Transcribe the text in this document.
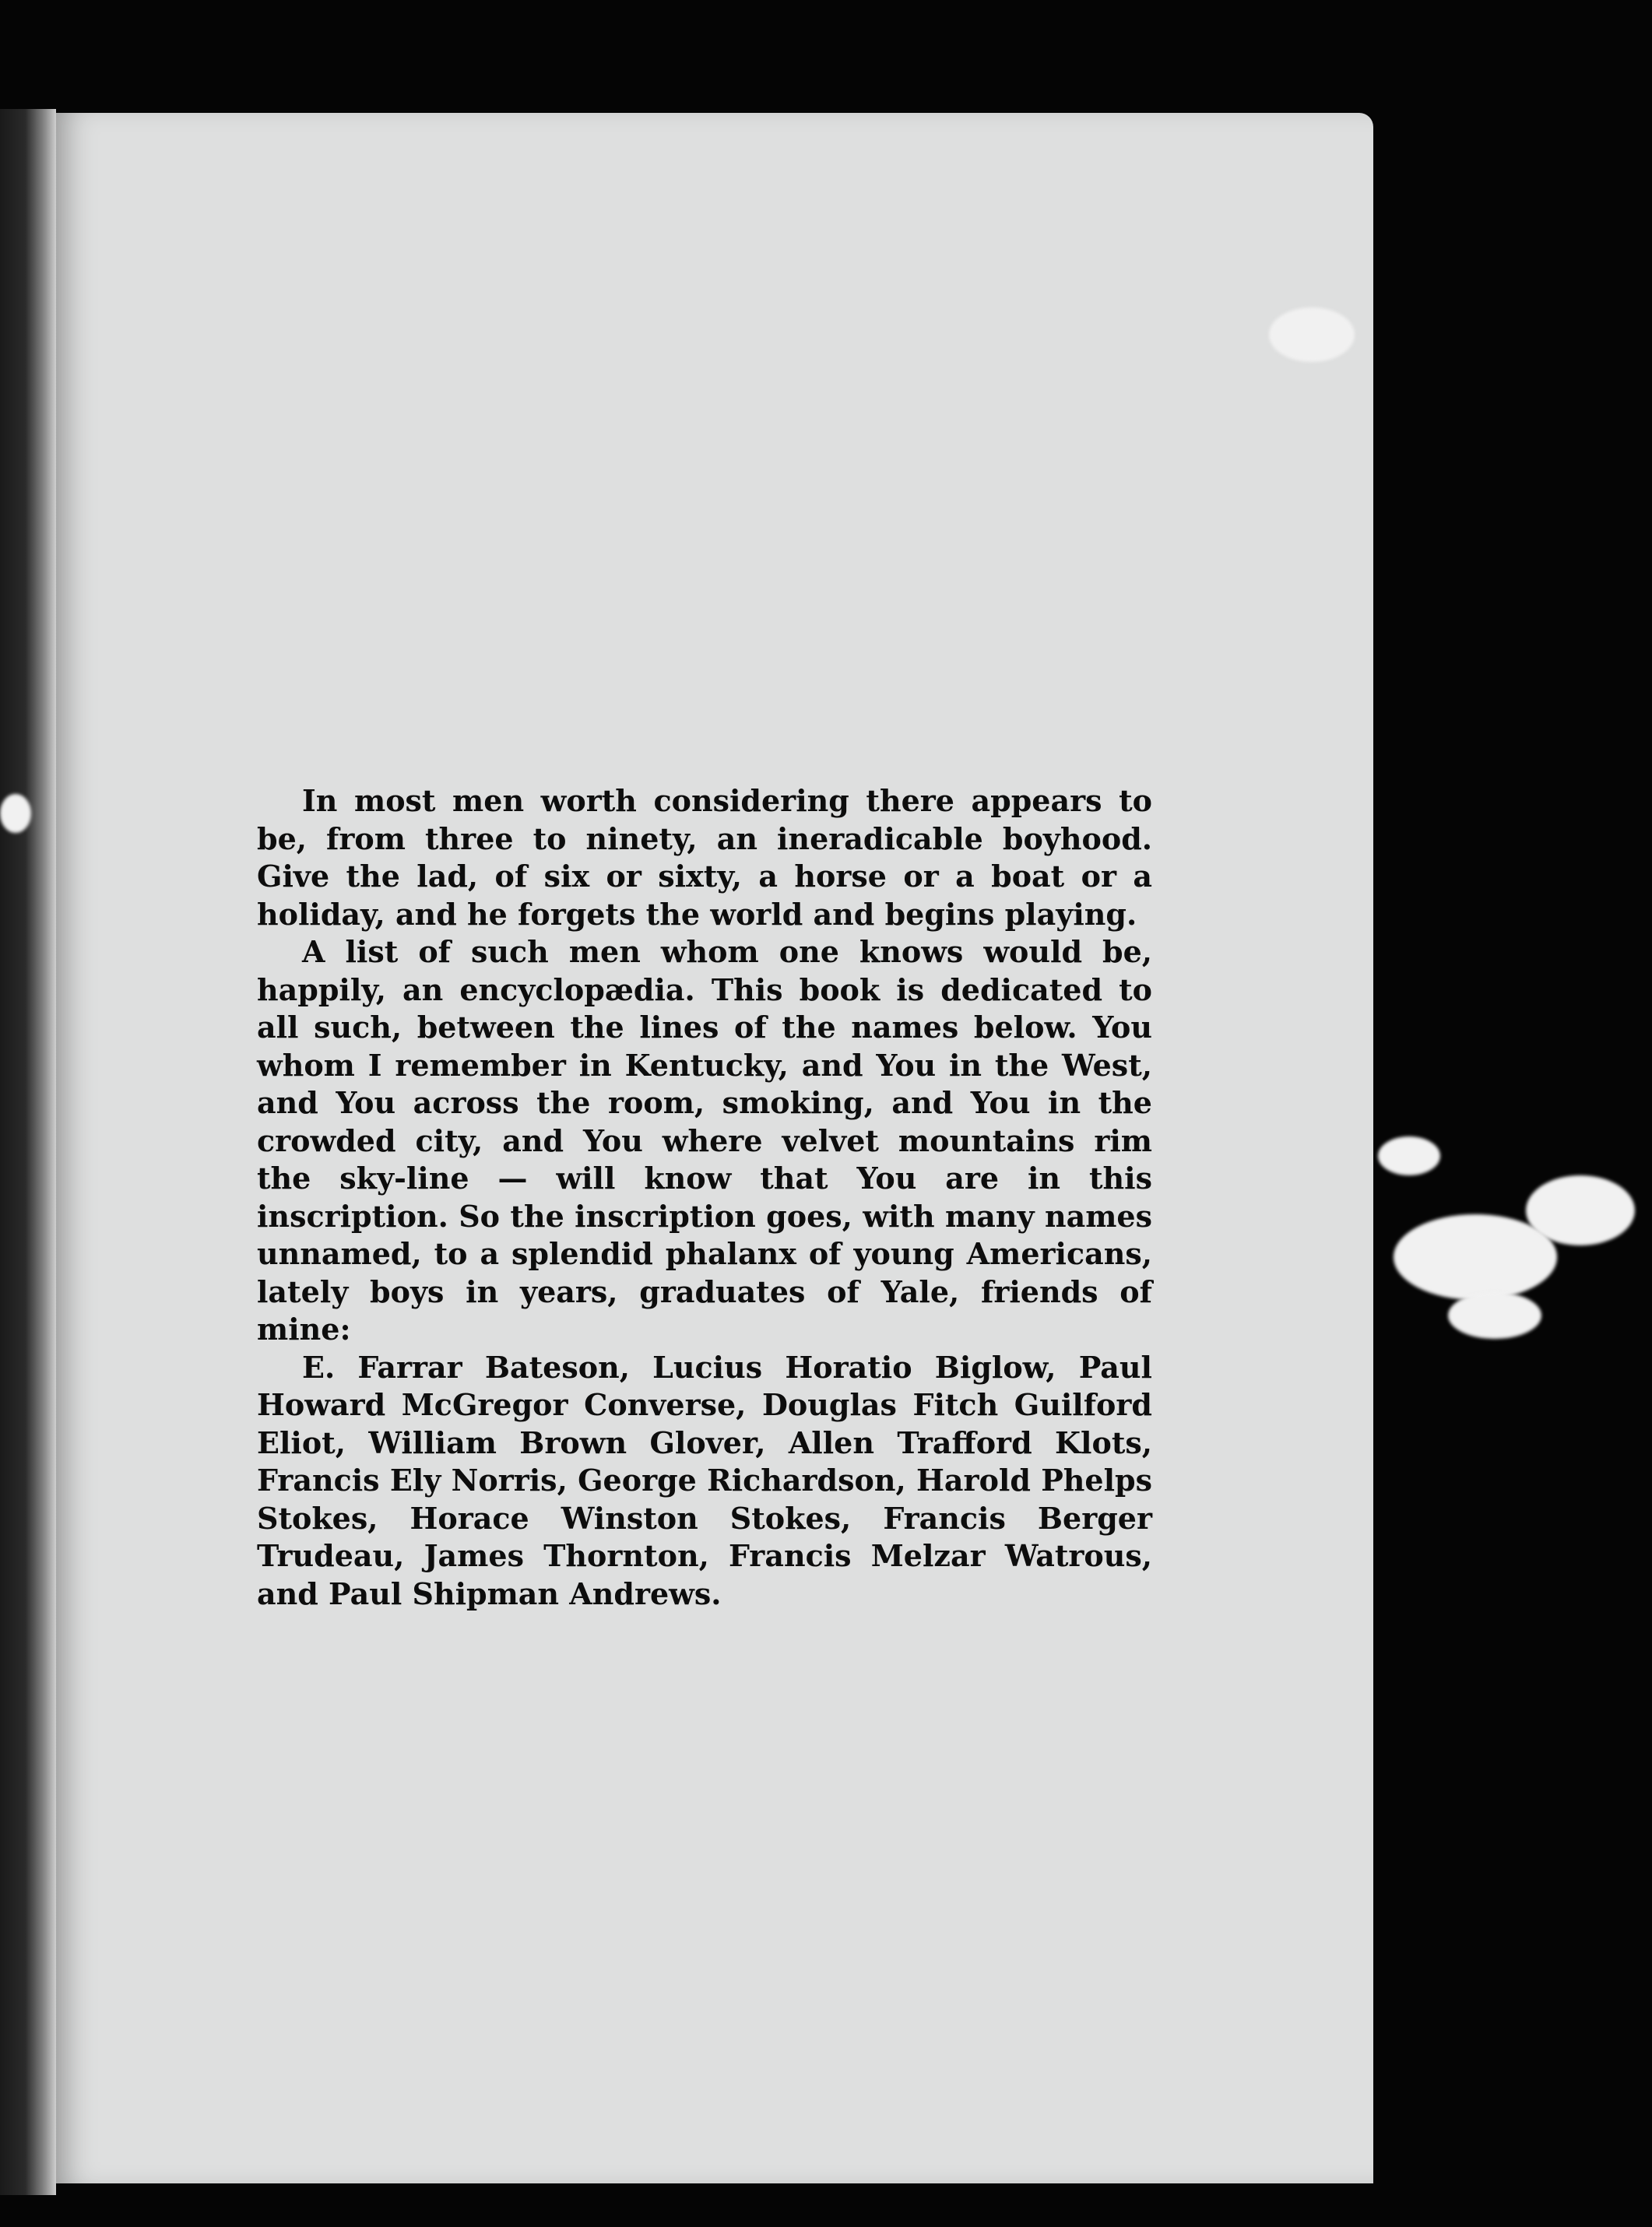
In most men worth considering there appears to be, from three to ninety, an ineradicable boyhood. Give the lad, of six or sixty, a horse or a boat or a holiday, and he forgets the world and begins playing.

A list of such men whom one knows would be, happily, an encyclopædia. This book is dedicated to all such, between the lines of the names below. You whom I remember in Kentucky, and You in the West, and You across the room, smoking, and You in the crowded city, and You where velvet mountains rim the sky-line — will know that You are in this inscription. So the inscription goes, with many names unnamed, to a splendid phalanx of young Americans, lately boys in years, graduates of Yale, friends of mine:

E. Farrar Bateson, Lucius Horatio Biglow, Paul Howard McGregor Converse, Douglas Fitch Guilford Eliot, William Brown Glover, Allen Trafford Klots, Francis Ely Norris, George Richardson, Harold Phelps Stokes, Horace Winston Stokes, Francis Berger Trudeau, James Thornton, Francis Melzar Watrous, and Paul Shipman Andrews.
